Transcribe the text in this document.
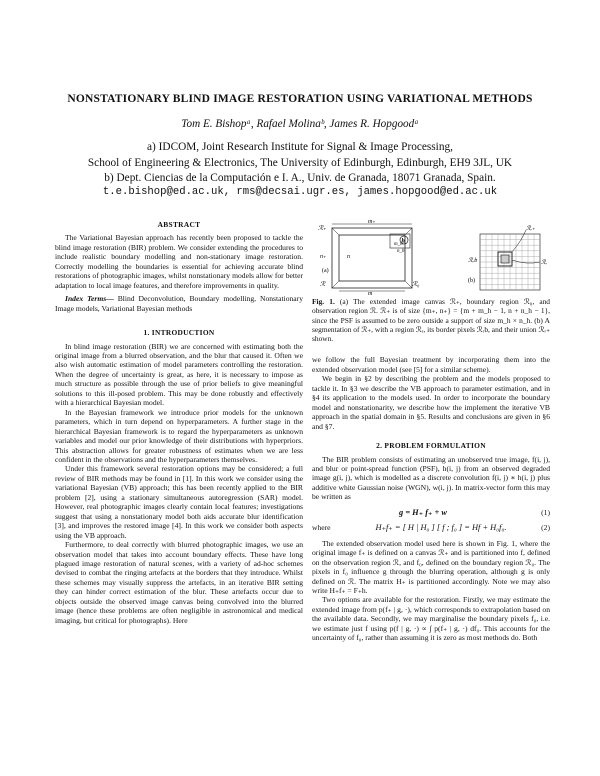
NONSTATIONARY BLIND IMAGE RESTORATION USING VARIATIONAL METHODS
Tom E. Bishopᵃ, Rafael Molinaᵇ, James R. Hopgoodᵃ
a) IDCOM, Joint Research Institute for Signal & Image Processing,
School of Engineering & Electronics, The University of Edinburgh, Edinburgh, EH9 3JL, UK
b) Dept. Ciencias de la Computación e I. A., Univ. de Granada, 18071 Granada, Spain.
t.e.bishop@ed.ac.uk, rms@decsai.ugr.es, james.hopgood@ed.ac.uk
ABSTRACT

The Variational Bayesian approach has recently been proposed to tackle the blind image restoration (BIR) problem. We consider extending the procedures to include realistic boundary modelling and non-stationary image restoration. Correctly modelling the boundaries is essential for achieving accurate blind restorations of photographic images, whilst nonstationary models allow for better adaptation to local image features, and therefore improvements in quality.

Index Terms— Blind Deconvolution, Boundary modelling, Nonstationary Image models, Variational Bayesian methods

1. INTRODUCTION

In blind image restoration (BIR) we are concerned with estimating both the original image from a blurred observation, and the blur that caused it. Often we also wish automatic estimation of model parameters controlling the restoration. When the degree of uncertainty is great, as here, it is necessary to impose as much structure as possible through the use of prior beliefs to give meaningful solutions to this ill-posed problem. This may be done robustly and effectively with a hierarchical Bayesian model.

In the Bayesian framework we introduce prior models for the unknown parameters, which in turn depend on hyperparameters. A further stage in the hierarchical Bayesian framework is to regard the hyperparameters as unknown variables and model our prior knowledge of their distributions with hyperpriors. This abstraction allows for greater robustness of estimates when we are less confident in the observations and the hyperparameters themselves.

Under this framework several restoration options may be considered; a full review of BIR methods may be found in [1]. In this work we consider using the variational Bayesian (VB) approach; this has been recently applied to the BIR problem [2], using a stationary simultaneous autoregression (SAR) model. However, real photographic images clearly contain local features; investigations suggest that using a nonstationary model both aids accurate blur identification [3], and improves the restored image [4]. In this work we consider both aspects using the VB approach.

Furthermore, to deal correctly with blurred photographic images, we use an observation model that takes into account boundary effects. These have long plagued image restoration of natural scenes, with a variety of ad-hoc schemes devised to combat the ringing artefacts at the borders that they introduce. Whilst these schemes may visually suppress the artefacts, in an iterative BIR setting they can hinder correct estimation of the blur. These artefacts occur due to objects outside the observed image canvas being convolved into the blurred image (hence these problems are often negligible in astronomical and medical imaging, but critical for photographs). Here

h
m_h
n_h
m₊
ℛ₊
n₊	n
(a)
ℛ
m
ℛ₀
ℛᵣ₊
ℛᵣ
ℛᵣb
(b)

Fig. 1. (a) The extended image canvas ℛ₊, boundary region ℛ₀, and observation region ℛ. ℛ₊ is of size {m₊, n₊} = {m + m_h − 1, n + n_h − 1}, since the PSF is assumed to be zero outside a support of size m_h × n_h. (b) A segmentation of ℛ₊, with a region ℛᵣ, its border pixels ℛᵣb, and their union ℛᵣ₊ shown.

we follow the full Bayesian treatment by incorporating them into the extended observation model (see [5] for a similar scheme).

We begin in §2 by describing the problem and the models proposed to tackle it. In §3 we describe the VB approach to parameter estimation, and in §4 its application to the models used. In order to incorporate the boundary model and nonstationarity, we describe how the implement the iterative VB approach in the spatial domain in §5. Results and conclusions are given in §6 and §7.

2. PROBLEM FORMULATION

The BIR problem consists of estimating an unobserved true image, f(i, j), and blur or point-spread function (PSF), h(i, j) from an observed degraded image g(i, j), which is modelled as a discrete convolution f(i, j) ∗ h(i, j) plus additive white Gaussian noise (WGN), w(i, j). In matrix-vector form this may be written as

g = H₊ f₊ + w	(1)
where	H₊f₊ = [ H | H₀ ] [ f ; f₀ ] = Hf + H₀f₀.	(2)

The extended observation model used here is shown in Fig. 1, where the original image f₊ is defined on a canvas ℛ₊ and is partitioned into f, defined on the observation region ℛ, and f₀, defined on the boundary region ℛ₀. The pixels in f₀ influence g through the blurring operation, although g is only defined on ℛ. The matrix H₊ is partitioned accordingly. Note we may also write H₊f₊ = F₊h.

Two options are available for the restoration. Firstly, we may estimate the extended image from p(f₊ | g, ·), which corresponds to extrapolation based on the available data. Secondly, we may marginalise the boundary pixels f₀, i.e. we estimate just f using p(f | g, ·) ∝ ∫ p(f₊ | g, ·) df₀. This accounts for the uncertainty of f₀, rather than assuming it is zero as most methods do. Both
